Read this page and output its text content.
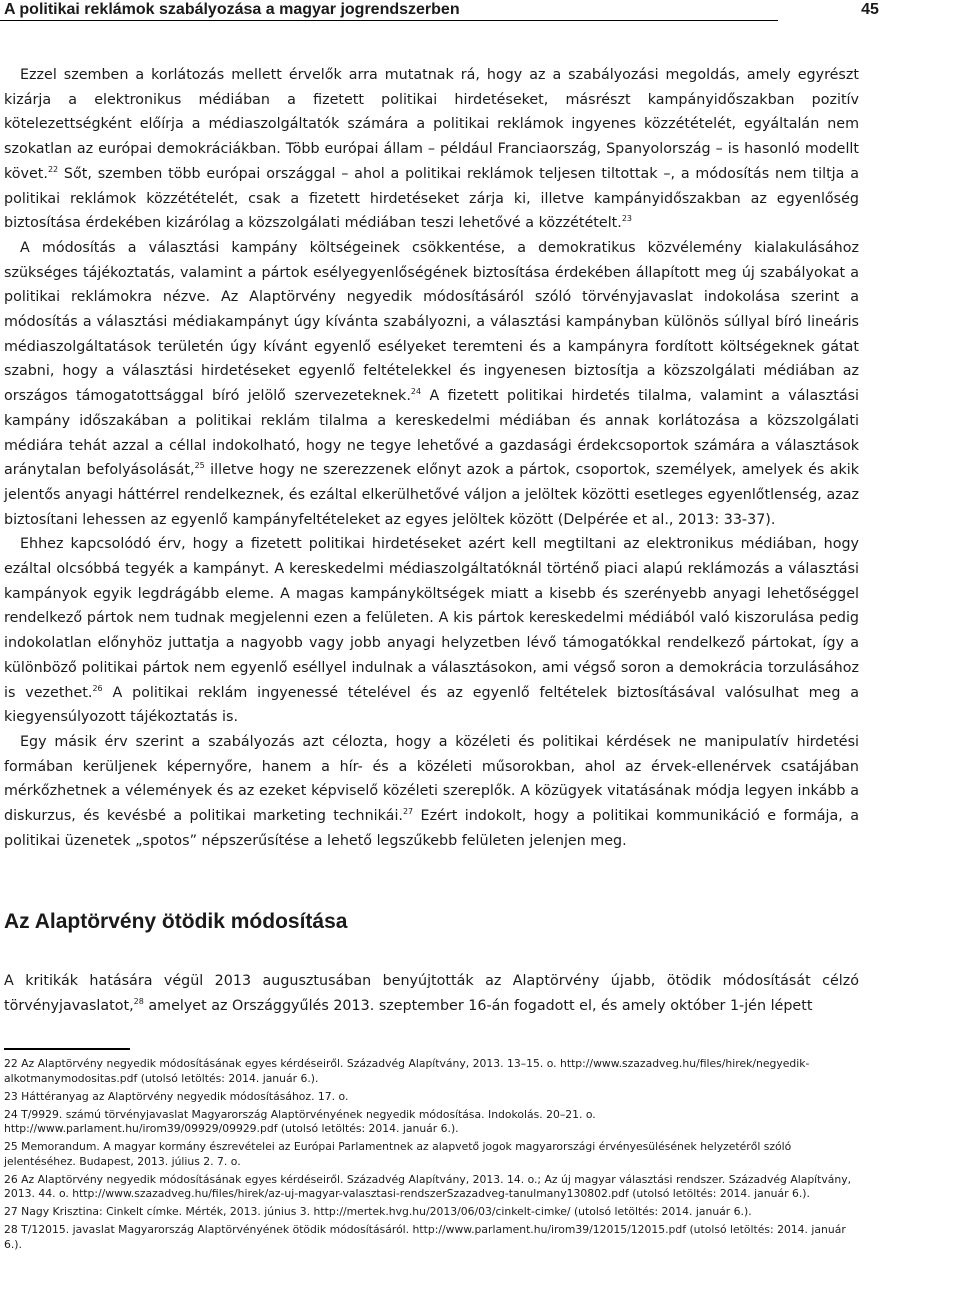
A politikai reklámok szabályozása a magyar jogrendszerben	45

Ezzel szemben a korlátozás mellett érvelők arra mutatnak rá, hogy az a szabályozási megoldás, amely egyrészt kizárja a elektronikus médiában a fizetett politikai hirdetéseket, másrészt kampányidőszakban pozitív kötelezettségként előírja a médiaszolgáltatók számára a politikai reklámok ingyenes közzétételét, egyáltalán nem szokatlan az európai demokráciákban. Több európai állam – például Franciaország, Spanyolország – is hasonló modellt követ.$^{22}$ Sőt, szemben több európai országgal – ahol a politikai reklámok teljesen tiltottak –, a módosítás nem tiltja a politikai reklámok közzétételét, csak a fizetett hirdetéseket zárja ki, illetve kampányidőszakban az egyenlőség biztosítása érdekében kizárólag a közszolgálati médiában teszi lehetővé a közzétételt.$^{23}$

A módosítás a választási kampány költségeinek csökkentése, a demokratikus közvélemény kialakulásához szükséges tájékoztatás, valamint a pártok esélyegyenlőségének biztosítása érdekében állapított meg új szabályokat a politikai reklámokra nézve. Az Alaptörvény negyedik módosításáról szóló törvényjavaslat indokolása szerint a módosítás a választási médiakampányt úgy kívánta szabályozni, a választási kampányban különös súllyal bíró lineáris médiaszolgáltatások területén úgy kívánt egyenlő esélyeket teremteni és a kampányra fordított költségeknek gátat szabni, hogy a választási hirdetéseket egyenlő feltételekkel és ingyenesen biztosítja a közszolgálati médiában az országos támogatottsággal bíró jelölő szervezeteknek.$^{24}$ A fizetett politikai hirdetés tilalma, valamint a választási kampány időszakában a politikai reklám tilalma a kereskedelmi médiában és annak korlátozása a közszolgálati médiára tehát azzal a céllal indokolható, hogy ne tegye lehetővé a gazdasági érdekcsoportok számára a választások aránytalan befolyásolását,$^{25}$ illetve hogy ne szerezzenek előnyt azok a pártok, csoportok, személyek, amelyek és akik jelentős anyagi háttérrel rendelkeznek, és ezáltal elkerülhetővé váljon a jelöltek közötti esetleges egyenlőtlenség, azaz biztosítani lehessen az egyenlő kampányfeltételeket az egyes jelöltek között (Delpérée et al., 2013: 33-37).

Ehhez kapcsolódó érv, hogy a fizetett politikai hirdetéseket azért kell megtiltani az elektronikus médiában, hogy ezáltal olcsóbbá tegyék a kampányt. A kereskedelmi médiaszolgáltatóknál történő piaci alapú reklámozás a választási kampányok egyik legdrágább eleme. A magas kampányköltségek miatt a kisebb és szerényebb anyagi lehetőséggel rendelkező pártok nem tudnak megjelenni ezen a felületen. A kis pártok kereskedelmi médiából való kiszorulása pedig indokolatlan előnyhöz juttatja a nagyobb vagy jobb anyagi helyzetben lévő támogatókkal rendelkező pártokat, így a különböző politikai pártok nem egyenlő eséllyel indulnak a választásokon, ami végső soron a demokrácia torzulásához is vezethet.$^{26}$ A politikai reklám ingyenessé tételével és az egyenlő feltételek biztosításával valósulhat meg a kiegyensúlyozott tájékoztatás is.

Egy másik érv szerint a szabályozás azt célozta, hogy a közéleti és politikai kérdések ne manipulatív hirdetési formában kerüljenek képernyőre, hanem a hír- és a közéleti műsorokban, ahol az érvek-ellenérvek csatájában mérkőzhetnek a vélemények és az ezeket képviselő közéleti szereplők. A közügyek vitatásának módja legyen inkább a diskurzus, és kevésbé a politikai marketing technikái.$^{27}$ Ezért indokolt, hogy a politikai kommunikáció e formája, a politikai üzenetek „spotos” népszerűsítése a lehető legszűkebb felületen jelenjen meg.

Az Alaptörvény ötödik módosítása

A kritikák hatására végül 2013 augusztusában benyújtották az Alaptörvény újabb, ötödik módosítását célzó törvényjavaslatot,$^{28}$ amelyet az Országgyűlés 2013. szeptember 16-án fogadott el, és amely október 1-jén lépett

22 Az Alaptörvény negyedik módosításának egyes kérdéseiről. Századvég Alapítvány, 2013. 13–15. o. http://www.szazadveg.hu/files/hirek/negyedik-alkotmanymodositas.pdf (utolsó letöltés: 2014. január 6.).

23 Háttéranyag az Alaptörvény negyedik módosításához. 17. o.

24 T/9929. számú törvényjavaslat Magyarország Alaptörvényének negyedik módosítása. Indokolás. 20–21. o. http://www.parlament.hu/irom39/09929/09929.pdf (utolsó letöltés: 2014. január 6.).

25 Memorandum. A magyar kormány észrevételei az Európai Parlamentnek az alapvető jogok magyarországi érvényesülésének helyzetéről szóló jelentéséhez. Budapest, 2013. július 2. 7. o.

26 Az Alaptörvény negyedik módosításának egyes kérdéseiről. Századvég Alapítvány, 2013. 14. o.; Az új magyar választási rendszer. Századvég Alapítvány, 2013. 44. o. http://www.szazadveg.hu/files/hirek/az-uj-magyar-valasztasi-rendszerSzazadveg-tanulmany130802.pdf (utolsó letöltés: 2014. január 6.).

27 Nagy Krisztina: Cinkelt címke. Mérték, 2013. június 3. http://mertek.hvg.hu/2013/06/03/cinkelt-cimke/ (utolsó letöltés: 2014. január 6.).

28 T/12015. javaslat Magyarország Alaptörvényének ötödik módosításáról. http://www.parlament.hu/irom39/12015/12015.pdf (utolsó letöltés: 2014. január 6.).
